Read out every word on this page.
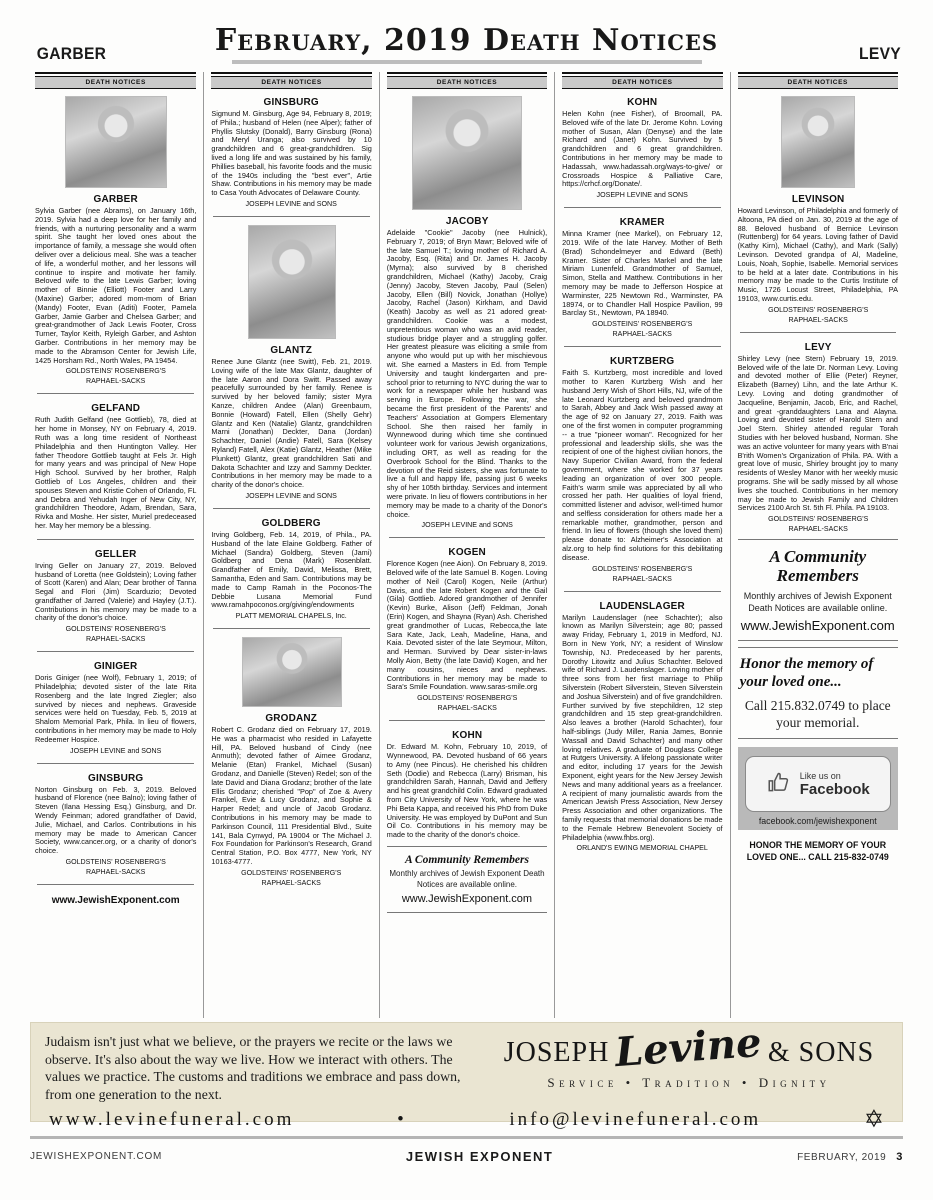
GARBER	February, 2019 Death Notices	LEVY
DEATH NOTICES
GARBER

Sylvia Garber (nee Abrams), on January 16th, 2019. Sylvia had a deep love for her family and friends, with a nurturing personality and a warm spirit. She taught her loved ones about the importance of family, a message she would often deliver over a delicious meal. She was a teacher of life, a wonderful mother, and her lessons will continue to inspire and motivate her family. Beloved wife to the late Lewis Garber; loving mother of Binnie (Elliott) Footer and Larry (Maxine) Garber; adored mom-mom of Brian (Mandy) Footer, Evan (Aditi) Footer, Pamela Garber, Jamie Garber and Chelsea Garber; and great-grandmother of Jack Lewis Footer, Cross Turner, Taylor Keith, Ryleigh Garber, and Ashton Garber. Contributions in her memory may be made to the Abramson Center for Jewish Life, 1425 Horsham Rd., North Wales, PA 19454.

GOLDSTEINS' ROSENBERG'S
RAPHAEL-SACKS
GELFAND

Ruth Judith Gelfand (nee Gottlieb), 78, died at her home in Monsey, NY on February 4, 2019. Ruth was a long time resident of Northeast Philadelphia and then Huntington Valley. Her father Theodore Gottlieb taught at Fels Jr. High for many years and was principal of New Hope High School. Survived by her brother, Ralph Gottlieb of Los Angeles, children and their spouses Steven and Kristie Cohen of Orlando, FL and Debra and Yehudah Inger of New City, NY, grandchildren Theodore, Adam, Brendan, Sara, Rivka and Moshe. Her sister, Muriel predeceased her. May her memory be a blessing.

GELLER

Irving Geller on January 27, 2019. Beloved husband of Loretta (nee Goldstein); Loving father of Scott (Karen) and Alan; Dear brother of Tanna Segal and Flori (Jim) Scarduzio; Devoted grandfather of Jarred (Valerie) and Hayley (J.T.). Contributions in his memory may be made to a charity of the donor's choice.

GOLDSTEINS' ROSENBERG'S
RAPHAEL-SACKS
GINIGER

Doris Giniger (nee Wolf), February 1, 2019; of Philadelphia; devoted sister of the late Rita Rosenberg and the late Ingred Ziegler; also survived by nieces and nephews. Graveside services were held on Tuesday, Feb. 5, 2019 at Shalom Memorial Park, Phila. In lieu of flowers, contributions in her memory may be made to Holy Redeemer Hospice.

JOSEPH LEVINE and SONS
GINSBURG

Norton Ginsburg on Feb. 3, 2019. Beloved husband of Florence (nee Balno); loving father of Steven (Ilana Hessing Esq.) Ginsburg, and Dr. Wendy Feinman; adored grandfather of David, Julie, Michael, and Carlos. Contributions in his memory may be made to American Cancer Society, www.cancer.org, or a charity of donor's choice.

GOLDSTEINS' ROSENBERG'S
RAPHAEL-SACKS
www.JewishExponent.com
DEATH NOTICES
GINSBURG

Sigmund M. Ginsburg, Age 94, February 8, 2019; of Phila.; husband of Helen (nee Alper); father of Phyllis Slutsky (Donald), Barry Ginsburg (Rona) and Meryl Uranga; also survived by 10 grandchildren and 6 great-grandchildren. Sig lived a long life and was sustained by his family, Phillies baseball, his favorite foods and the music of the 1940s including the "best ever", Artie Shaw. Contributions in his memory may be made to Casa Youth Advocates of Delaware County.

JOSEPH LEVINE and SONS
GLANTZ

Renee June Glantz (nee Switt), Feb. 21, 2019. Loving wife of the late Max Glantz, daughter of the late Aaron and Dora Switt. Passed away peacefully surrounded by her family. Renee is survived by her beloved family; sister Myra Kanze, children Andee (Alan) Greenbaum, Bonnie (Howard) Fatell, Ellen (Shelly Gehr) Glantz and Ken (Natalie) Glantz, grandchildren Marni (Jonathan) Deckter, Dana (Jordan) Schachter, Daniel (Andie) Fatell, Sara (Kelsey Ryland) Fatell, Alex (Katie) Glantz, Heather (Mike Plunkett) Glantz, great grandchildren Sati and Dakota Schachter and Izzy and Sammy Deckter. Contributions in her memory may be made to a charity of the donor's choice.

JOSEPH LEVINE and SONS
GOLDBERG

Irving Goldberg, Feb. 14, 2019, of Phila., PA. Husband of the late Elaine Goldberg. Father of Michael (Sandra) Goldberg, Steven (Jami) Goldberg and Dena (Mark) Rosenblatt. Grandfather of Emily, David, Melissa, Brett, Samantha, Eden and Sam. Contributions may be made to Camp Ramah in the Poconos-The Debbie Lusana Memorial Fund www.ramahpoconos.org/giving/endowments

PLATT MEMORIAL CHAPELS, Inc.
GRODANZ

Robert C. Grodanz died on February 17, 2019. He was a pharmacist who resided in Lafayette Hill, PA. Beloved husband of Cindy (nee Anmuth); devoted father of Aimee Grodanz, Melanie (Etan) Frankel, Michael (Susan) Grodanz, and Danielle (Steven) Redel; son of the late David and Diana Grodanz; brother of the late Ellis Grodanz; cherished "Pop" of Zoe & Avery Frankel, Evie & Lucy Grodanz, and Sophie & Harper Redel; and uncle of Jacob Grodanz. Contributions in his memory may be made to Parkinson Council, 111 Presidential Blvd., Suite 141, Bala Cynwyd, PA 19004 or The Michael J. Fox Foundation for Parkinson's Research, Grand Central Station, P.O. Box 4777, New York, NY 10163-4777.

GOLDSTEINS' ROSENBERG'S
RAPHAEL-SACKS
DEATH NOTICES
JACOBY

Adelaide "Cookie" Jacoby (nee Hulnick), February 7, 2019; of Bryn Mawr; Beloved wife of the late Samuel T.; loving mother of Richard A. Jacoby, Esq. (Rita) and Dr. James H. Jacoby (Myrna); also survived by 8 cherished grandchildren, Michael (Kathy) Jacoby, Craig (Jenny) Jacoby, Steven Jacoby, Paul (Selen) Jacoby, Ellen (Bill) Novick, Jonathan (Hollye) Jacoby, Rachel (Jason) Kirkham, and David (Keath) Jacoby as well as 21 adored great-grandchildren. Cookie was a modest, unpretentious woman who was an avid reader, studious bridge player and a struggling golfer. Her greatest pleasure was eliciting a smile from anyone who would put up with her mischievous wit. She earned a Masters in Ed. from Temple University and taught kindergarten and pre-school prior to returning to NYC during the war to work for a newspaper while her husband was serving in Europe. Following the war, she became the first president of the Parents' and Teachers' Association at Gompers Elementary School. She then raised her family in Wynnewood during which time she continued volunteer work for various Jewish organizations, including ORT, as well as reading for the Overbrook School for the Blind. Thanks to the devotion of the Reid sisters, she was fortunate to live a full and happy life, passing just 6 weeks shy of her 105th birthday. Services and interment were private. In lieu of flowers contributions in her memory may be made to a charity of the Donor's choice.

JOSEPH LEVINE and SONS
KOGEN

Florence Kogen (nee Aion). On February 8, 2019. Beloved wife of the late Samuel B. Kogen. Loving mother of Neil (Carol) Kogen, Neile (Arthur) Davis, and the late Robert Kogen and the Gail (Gila) Gottlieb. Adored grandmother of Jennifer (Kevin) Burke, Alison (Jeff) Feldman, Jonah (Erin) Kogen, and Shayna (Ryan) Ash. Cherished great grandmother of Lucas, Rebecca,the late Sara Kate, Jack, Leah, Madeline, Hana, and Kaia. Devoted sister of the late Seymour, Milton, and Herman. Survived by Dear sister-in-laws Molly Aion, Betty (the late David) Kogen, and her many cousins, nieces and nephews. Contributions in her memory may be made to Sara's Smile Foundation. www.saras-smile.org

GOLDSTEINS' ROSENBERG'S
RAPHAEL-SACKS
KOHN

Dr. Edward M. Kohn, February 10, 2019, of Wynnewood, PA. Devoted husband of 66 years to Amy (nee Pincus). He cherished his children Seth (Dodie) and Rebecca (Larry) Brisman, his grandchildren Sarah, Hannah, David and Jeffery and his great grandchild Colin. Edward graduated from City University of New York, where he was Phi Beta Kappa, and received his PhD from Duke University. He was employed by DuPont and Sun Oil Co. Contributions in his memory may be made to the charity of the donor's choice.

A Community Remembers

Monthly archives of Jewish Exponent Death Notices are available online.

www.JewishExponent.com
DEATH NOTICES
KOHN

Helen Kohn (nee Fisher), of Broomall, PA. Beloved wife of the late Dr. Jerome Kohn. Loving mother of Susan, Alan (Denyse) and the late Richard and (Janet) Kohn. Survived by 5 grandchildren and 6 great grandchildren. Contributions in her memory may be made to Hadassah, www.hadassah.org/ways-to-give/ or Crossroads Hospice & Palliative Care, https://crhcf.org/Donate/.

JOSEPH LEVINE and SONS
KRAMER

Minna Kramer (nee Markel), on February 12, 2019. Wife of the late Harvey. Mother of Beth (Brad) Schondelmeyer and Edward (Beth) Kramer. Sister of Charles Markel and the late Miriam Lunenfeld. Grandmother of Samuel, Simon, Stella and Matthew. Contributions in her memory may be made to Jefferson Hospice at Warminster, 225 Newtown Rd., Warminster, PA 18974, or to Chandler Hall Hospice Pavilion, 99 Barclay St., Newtown, PA 18940.

GOLDSTEINS' ROSENBERG'S
RAPHAEL-SACKS
KURTZBERG

Faith S. Kurtzberg, most incredible and loved mother to Karen Kurtzberg Wish and her husband Jerry Wish of Short Hills, NJ, wife of the late Leonard Kurtzberg and beloved grandmom to Sarah, Abbey and Jack Wish passed away at the age of 92 on January 27, 2019. Faith was one of the first women in computer programming -- a true "pioneer woman". Recognized for her professional and leadership skills, she was the recipient of one of the highest civilian honors, the Navy Superior Civilian Award, from the federal government, where she worked for 37 years leading an organization of over 300 people. Faith's warm smile was appreciated by all who crossed her path. Her qualities of loyal friend, committed listener and advisor, well-timed humor and selfless consideration for others made her a remarkable mother, grandmother, person and friend. In lieu of flowers (though she loved them) please donate to: Alzheimer's Association at alz.org to help find solutions for this debilitating disease.

GOLDSTEINS' ROSENBERG'S
RAPHAEL-SACKS
LAUDENSLAGER

Marilyn Laudenslager (nee Schachter); also known as Marilyn Silverstein; age 80; passed away Friday, February 1, 2019 in Medford, NJ. Born in New York, NY; a resident of Winslow Township, NJ. Predeceased by her parents, Dorothy Litowitz and Julius Schachter. Beloved wife of Richard J. Laudenslager. Loving mother of three sons from her first marriage to Philip Silverstein (Robert Silverstein, Steven Silverstein and Joshua Silverstein) and of five grandchildren. Further survived by five stepchildren, 12 step grandchildren and 15 step great-grandchildren. Also leaves a brother (Harold Schachter), four half-siblings (Judy Miller, Rania James, Bonnie Wassall and David Schachter) and many other loving relatives. A graduate of Douglass College at Rutgers University. A lifelong passionate writer and editor, including 17 years for the Jewish Exponent, eight years for the New Jersey Jewish News and many additional years as a freelancer. A recipient of many journalistic awards from the American Jewish Press Association, New Jersey Press Association and other organizations. The family requests that memorial donations be made to the Female Hebrew Benevolent Society of Philadelphia (www.fhbs.org).

ORLAND'S EWING MEMORIAL CHAPEL
DEATH NOTICES
LEVINSON

Howard Levinson, of Philadelphia and formerly of Altoona, PA died on Jan. 30, 2019 at the age of 88. Beloved husband of Bernice Levinson (Ruttenberg) for 64 years. Loving father of David (Kathy Kirn), Michael (Cathy), and Mark (Sally) Levinson. Devoted grandpa of Al, Madeline, Louis, Noah, Sophie, Isabelle. Memorial services to be held at a later date. Contributions in his memory may be made to the Curtis Institute of Music, 1726 Locust Street, Philadelphia, PA 19103, www.curtis.edu.

GOLDSTEINS' ROSENBERG'S
RAPHAEL-SACKS
LEVY

Shirley Levy (nee Stern) February 19, 2019. Beloved wife of the late Dr. Norman Levy. Loving and devoted mother of Ellie (Peter) Reyner, Elizabeth (Barney) Lihn, and the late Arthur K. Levy. Loving and doting grandmother of Jacqueline, Benjamin, Jacob, Eric, and Rachel, and great -granddaughters Lana and Alayna. Loving and devoted sister of Harold Stern and Joel Stern. Shirley attended regular Torah Studies with her beloved husband, Norman. She was an active volunteer for many years with B'nai B'rith Women's Organization of Phila. PA. With a great love of music, Shirley brought joy to many residents of Wesley Manor with her weekly music programs. She will be sadly missed by all whose lives she touched. Contributions in her memory may be made to Jewish Family and Children Services 2100 Arch St. 5th Fl. Phila. PA 19103.

GOLDSTEINS' ROSENBERG'S
RAPHAEL-SACKS

A Community Remembers

Monthly archives of Jewish Exponent Death Notices are available online.

www.JewishExponent.com

Honor the memory of your loved one...

Call 215.832.0749 to place your memorial.

Like us on

Facebook
facebook.com/jewishexponent
HONOR THE MEMORY OF YOUR LOVED ONE... CALL 215-832-0749
Judaism isn't just what we believe, or the prayers we recite or the laws we observe. It's also about the way we live. How we interact with others. The values we practice. The customs and traditions we embrace and pass down, from one generation to the next.
JOSEPH Levine & SONS
Service • Tradition • Dignity
www.levinefuneral.com	•	info@levinefuneral.com	✡
JEWISHEXPONENT.COM	JEWISH EXPONENT	FEBRUARY, 2019 3
